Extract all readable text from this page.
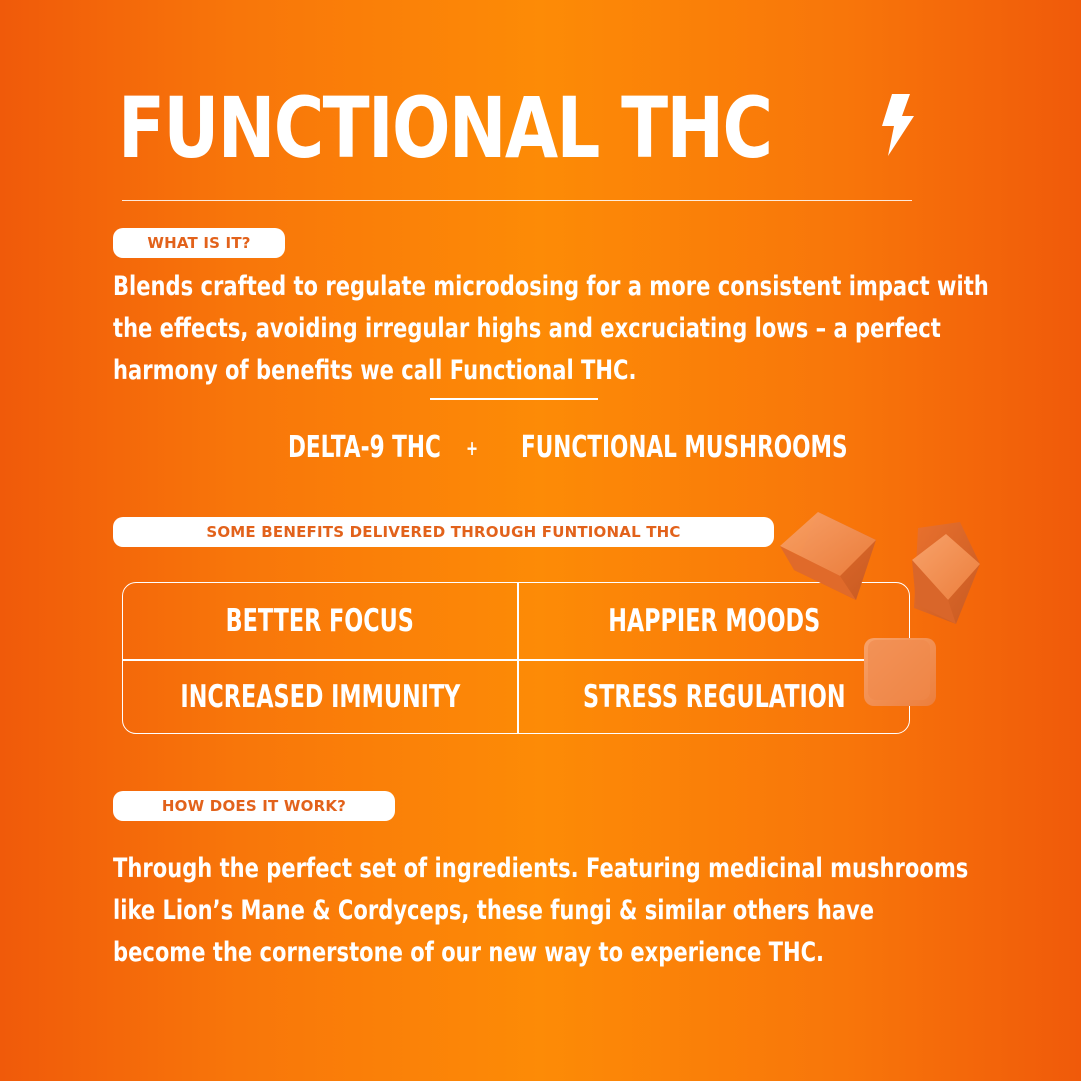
FUNCTIONAL THC
WHAT IS IT?
Blends crafted to regulate microdosing for a more consistent impact with
the effects, avoiding irregular highs and excruciating lows – a perfect
harmony of benefits we call Functional THC.
DELTA-9 THC + FUNCTIONAL MUSHROOMS
SOME BENEFITS DELIVERED THROUGH FUNTIONAL THC
BETTER FOCUS	HAPPIER MOODS
INCREASED IMMUNITY	STRESS REGULATION
HOW DOES IT WORK?
Through the perfect set of ingredients. Featuring medicinal mushrooms
like Lion’s Mane & Cordyceps, these fungi & similar others have
become the cornerstone of our new way to experience THC.
